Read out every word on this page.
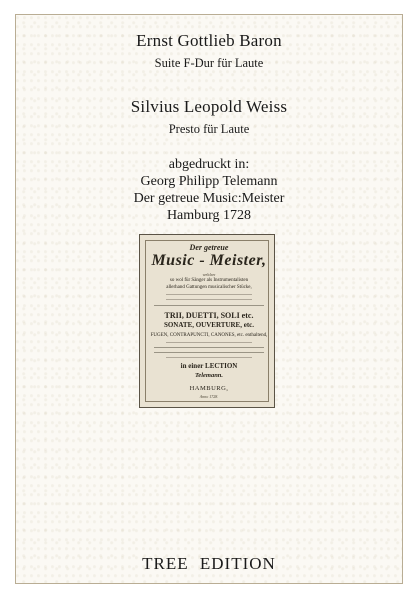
Ernst Gottlieb Baron
Suite F-Dur für Laute
Silvius Leopold Weiss
Presto für Laute
abgedruckt in:
Georg Philipp Telemann
Der getreue Music:Meister
Hamburg 1728
Der getreue
Music - Meister,
welcher
so wol für Sänger als Instrumentalisten
allerhand Gattungen musicalischer Stücke,
TRII, DUETTI, SOLI etc.
SONATE, OUVERTURE, etc.
FUGEN, CONTRAPUNCTI, CANONES, etc. enthaltend,
in einer LECTION
Telemann.
HAMBURG,
Anno 1728.
TREE EDITION
